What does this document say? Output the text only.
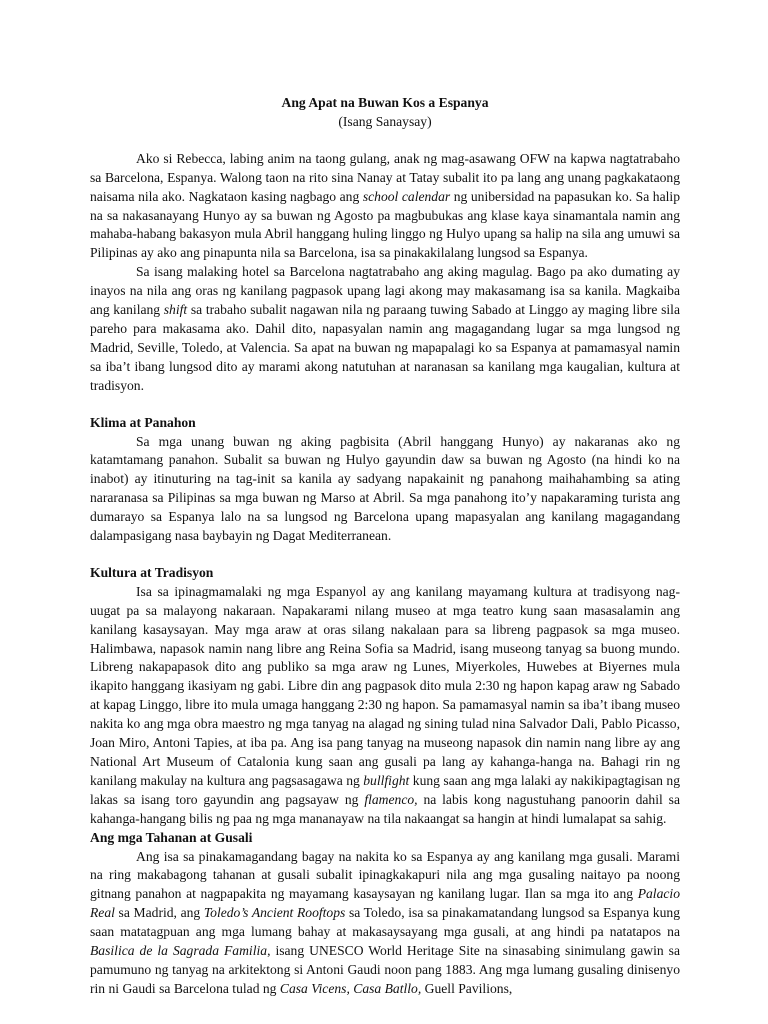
Ang Apat na Buwan Kos a Espanya
(Isang Sanaysay)

Ako si Rebecca, labing anim na taong gulang, anak ng mag-asawang OFW na kapwa nagtatrabaho sa Barcelona, Espanya. Walong taon na rito sina Nanay at Tatay subalit ito pa lang ang unang pagkakataong naisama nila ako. Nagkataon kasing nagbago ang school calendar ng unibersidad na papasukan ko. Sa halip na sa nakasanayang Hunyo ay sa buwan ng Agosto pa magbubukas ang klase kaya sinamantala namin ang mahaba-habang bakasyon mula Abril hanggang huling linggo ng Hulyo upang sa halip na sila ang umuwi sa Pilipinas ay ako ang pinapunta nila sa Barcelona, isa sa pinakakilalang lungsod sa Espanya.

Sa isang malaking hotel sa Barcelona nagtatrabaho ang aking magulag. Bago pa ako dumating ay inayos na nila ang oras ng kanilang pagpasok upang lagi akong may makasamang isa sa kanila. Magkaiba ang kanilang shift sa trabaho subalit nagawan nila ng paraang tuwing Sabado at Linggo ay maging libre sila pareho para makasama ako. Dahil dito, napasyalan namin ang magagandang lugar sa mga lungsod ng Madrid, Seville, Toledo, at Valencia. Sa apat na buwan ng mapapalagi ko sa Espanya at pamamasyal namin sa iba’t ibang lungsod dito ay marami akong natutuhan at naranasan sa kanilang mga kaugalian, kultura at tradisyon.

Klima at Panahon

Sa mga unang buwan ng aking pagbisita (Abril hanggang Hunyo) ay nakaranas ako ng katamtamang panahon. Subalit sa buwan ng Hulyo gayundin daw sa buwan ng Agosto (na hindi ko na inabot) ay itinuturing na tag-init sa kanila ay sadyang napakainit ng panahong maihahambing sa ating nararanasa sa Pilipinas sa mga buwan ng Marso at Abril. Sa mga panahong ito’y napakaraming turista ang dumarayo sa Espanya lalo na sa lungsod ng Barcelona upang mapasyalan ang kanilang magagandang dalampasigang nasa baybayin ng Dagat Mediterranean.

Kultura at Tradisyon

Isa sa ipinagmamalaki ng mga Espanyol ay ang kanilang mayamang kultura at tradisyong nag-uugat pa sa malayong nakaraan. Napakarami nilang museo at mga teatro kung saan masasalamin ang kanilang kasaysayan. May mga araw at oras silang nakalaan para sa libreng pagpasok sa mga museo. Halimbawa, napasok namin nang libre ang Reina Sofia sa Madrid, isang museong tanyag sa buong mundo. Libreng nakapapasok dito ang publiko sa mga araw ng Lunes, Miyerkoles, Huwebes at Biyernes mula ikapito hanggang ikasiyam ng gabi. Libre din ang pagpasok dito mula 2:30 ng hapon kapag araw ng Sabado at kapag Linggo, libre ito mula umaga hanggang 2:30 ng hapon. Sa pamamasyal namin sa iba’t ibang museo nakita ko ang mga obra maestro ng mga tanyag na alagad ng sining tulad nina Salvador Dali, Pablo Picasso, Joan Miro, Antoni Tapies, at iba pa. Ang isa pang tanyag na museong napasok din namin nang libre ay ang National Art Museum of Catalonia kung saan ang gusali pa lang ay kahanga-hanga na. Bahagi rin ng kanilang makulay na kultura ang pagsasagawa ng bullfight kung saan ang mga lalaki ay nakikipagtagisan ng lakas sa isang toro gayundin ang pagsayaw ng flamenco, na labis kong nagustuhang panoorin dahil sa kahanga-hangang bilis ng paa ng mga mananayaw na tila nakaangat sa hangin at hindi lumalapat sa sahig.

Ang mga Tahanan at Gusali

Ang isa sa pinakamagandang bagay na nakita ko sa Espanya ay ang kanilang mga gusali. Marami na ring makabagong tahanan at gusali subalit ipinagkakapuri nila ang mga gusaling naitayo pa noong gitnang panahon at nagpapakita ng mayamang kasaysayan ng kanilang lugar. Ilan sa mga ito ang Palacio Real sa Madrid, ang Toledo’s Ancient Rooftops sa Toledo, isa sa pinakamatandang lungsod sa Espanya kung saan matatagpuan ang mga lumang bahay at makasaysayang mga gusali, at ang hindi pa natatapos na Basilica de la Sagrada Familia, isang UNESCO World Heritage Site na sinasabing sinimulang gawin sa pamumuno ng tanyag na arkitektong si Antoni Gaudi noon pang 1883. Ang mga lumang gusaling dinisenyo rin ni Gaudi sa Barcelona tulad ng Casa Vicens, Casa Batllo, Guell Pavilions,
